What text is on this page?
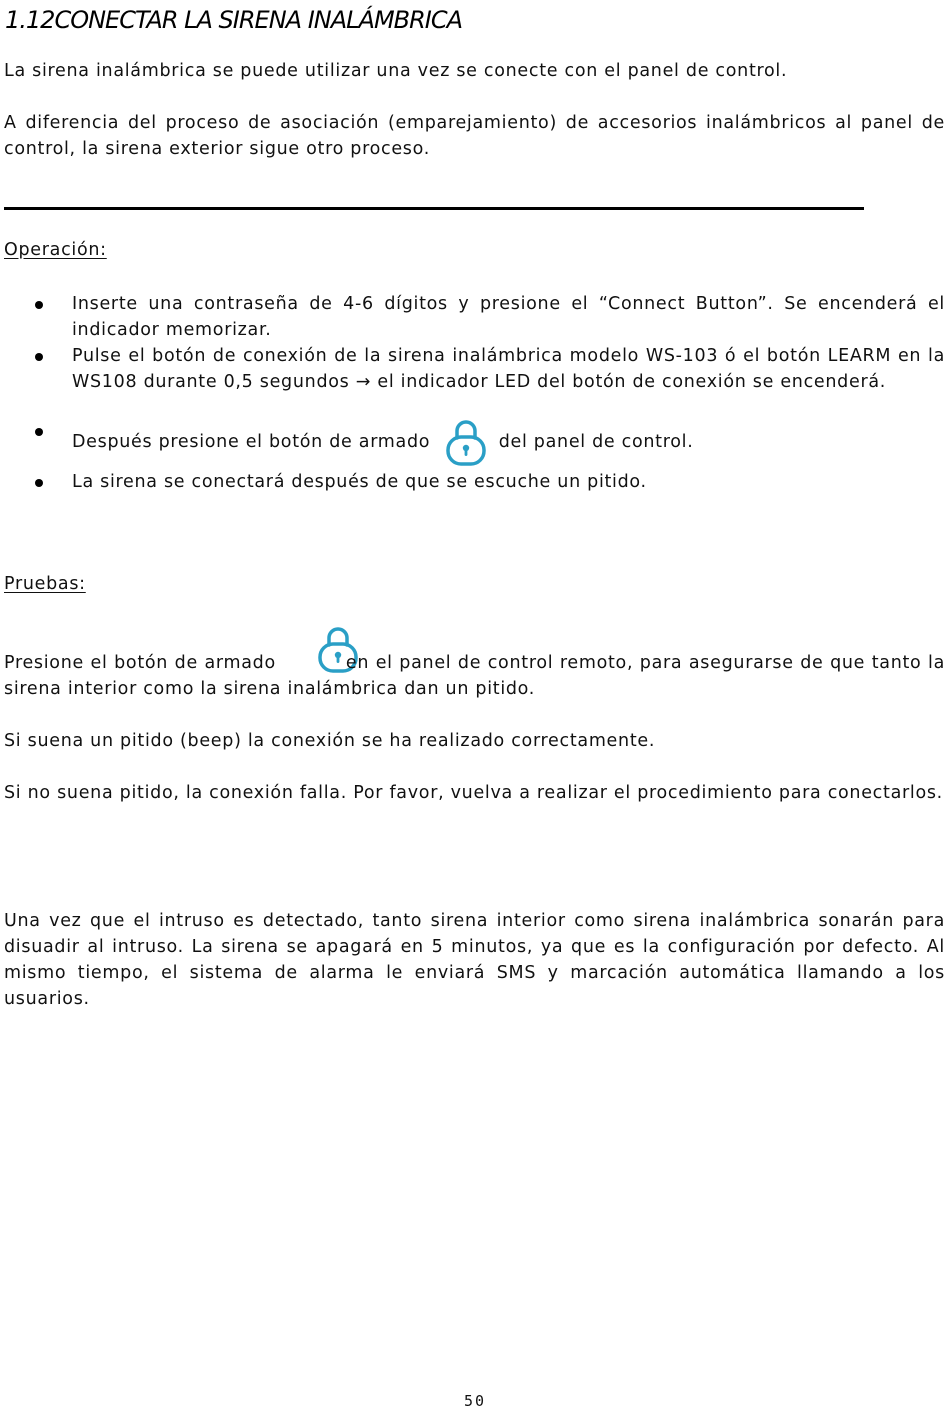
1.12CONECTAR LA SIRENA INALÁMBRICA

La sirena inalámbrica se puede utilizar una vez se conecte con el panel de control.

A diferencia del proceso de asociación (emparejamiento) de accesorios inalámbricos al panel de control, la sirena exterior sigue otro proceso.

Operación:
Inserte una contraseña de 4-6 dígitos y presione el “Connect Button”. Se encenderá el indicador memorizar.
Pulse el botón de conexión de la sirena inalámbrica modelo WS-103 ó el botón LEARM en la WS108 durante 0,5 segundos → el indicador LED del botón de conexión se encenderá.
Después presione el botón de armado	del panel de control.
La sirena se conectará después de que se escuche un pitido.
Pruebas:

Presione el botón de armado	en el panel de control remoto, para asegurarse de que tanto la sirena interior como la sirena inalámbrica dan un pitido.

Si suena un pitido (beep) la conexión se ha realizado correctamente.

Si no suena pitido, la conexión falla. Por favor, vuelva a realizar el procedimiento para conectarlos.

Una vez que el intruso es detectado, tanto sirena interior como sirena inalámbrica sonarán para disuadir al intruso. La sirena se apagará en 5 minutos, ya que es la configuración por defecto. Al mismo tiempo, el sistema de alarma le enviará SMS y marcación automática llamando a los usuarios.

50
